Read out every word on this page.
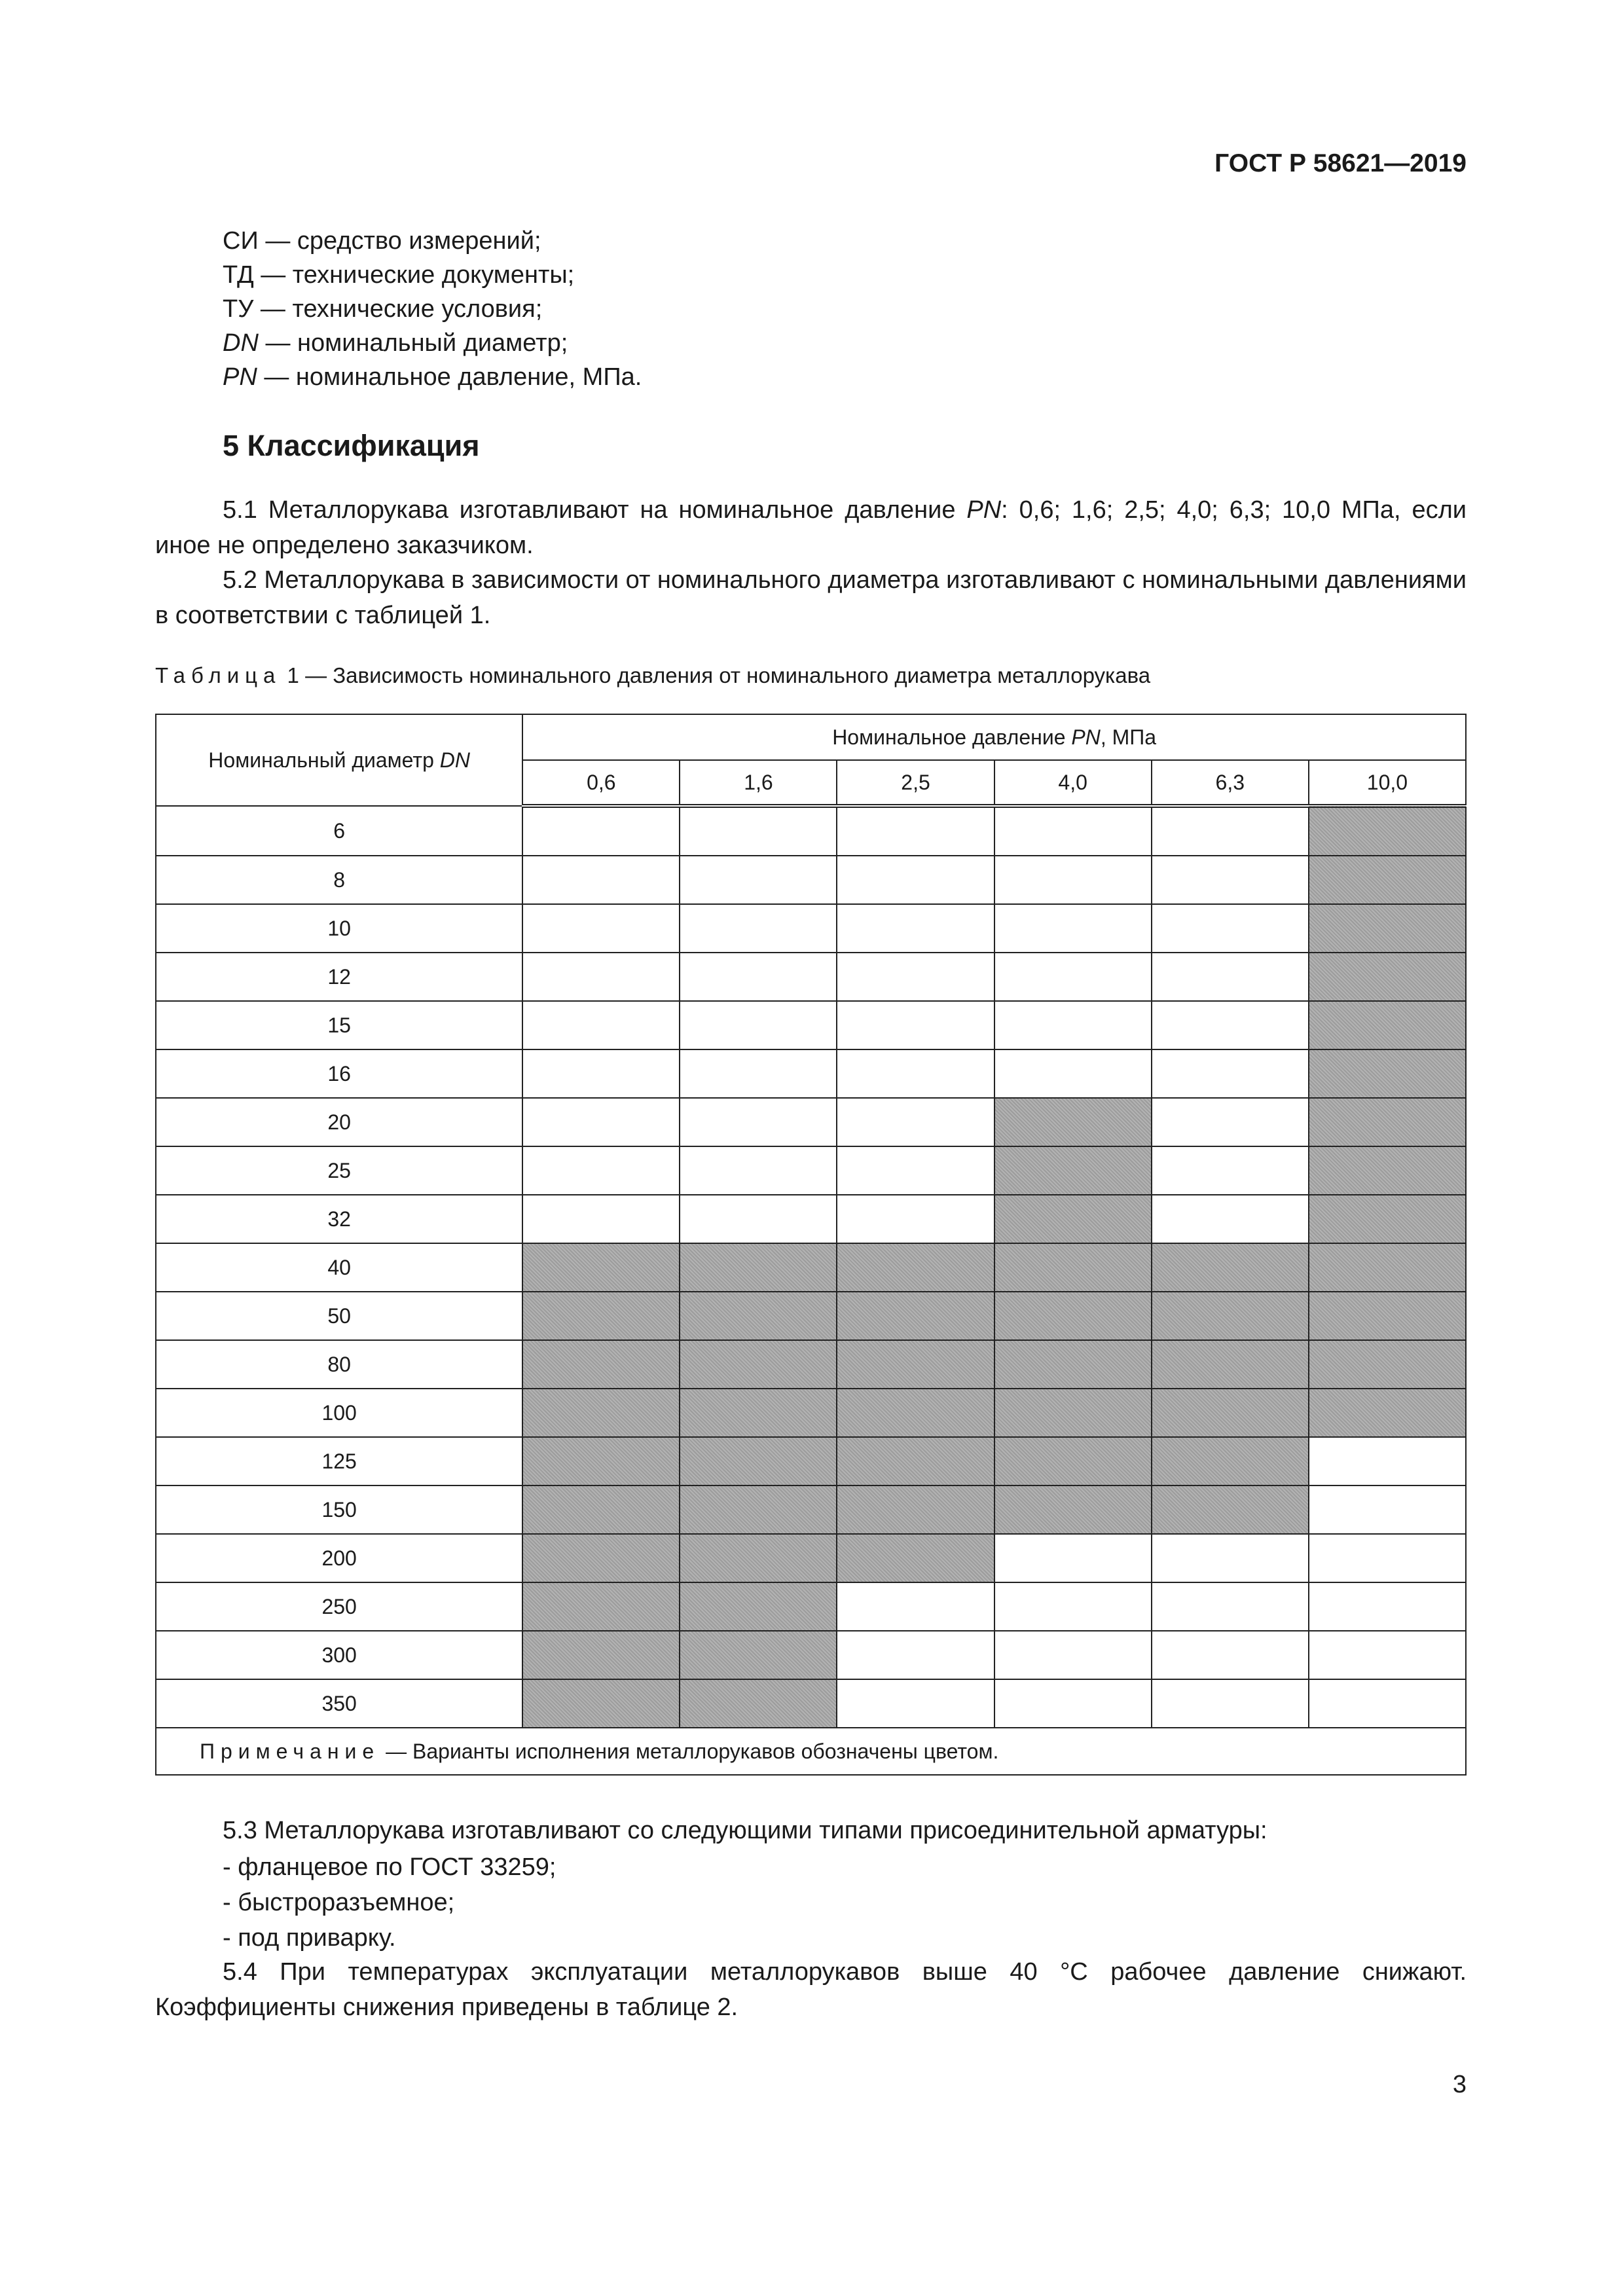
ГОСТ Р 58621—2019
СИ — средство измерений;
ТД — технические документы;
ТУ — технические условия;
DN — номинальный диаметр;
PN — номинальное давление, МПа.
5 Классификация
5.1 Металлорукава изготавливают на номинальное давление PN: 0,6; 1,6; 2,5; 4,0; 6,3; 10,0 МПа, если иное не определено заказчиком.
5.2 Металлорукава в зависимости от номинального диаметра изготавливают с номинальными давлениями в соответствии с таблицей 1.
Таблица 1 — Зависимость номинального давления от номинального диаметра металлорукава
Номинальный диаметр DN	Номинальное давление PN, МПа					
	0,6	1,6	2,5	4,0	6,3	10,0
6						
8						
10						
12						
15						
16						
20						
25						
32						
40						
50						
80						
100						
125						
150						
200						
250						
300						
350						
Примечание — Варианты исполнения металлорукавов обозначены цветом.						
5.3 Металлорукава изготавливают со следующими типами присоединительной арматуры:
- фланцевое по ГОСТ 33259;
- быстроразъемное;
- под приварку.
5.4 При температурах эксплуатации металлорукавов выше 40 °С рабочее давление снижают. Коэффициенты снижения приведены в таблице 2.
3
